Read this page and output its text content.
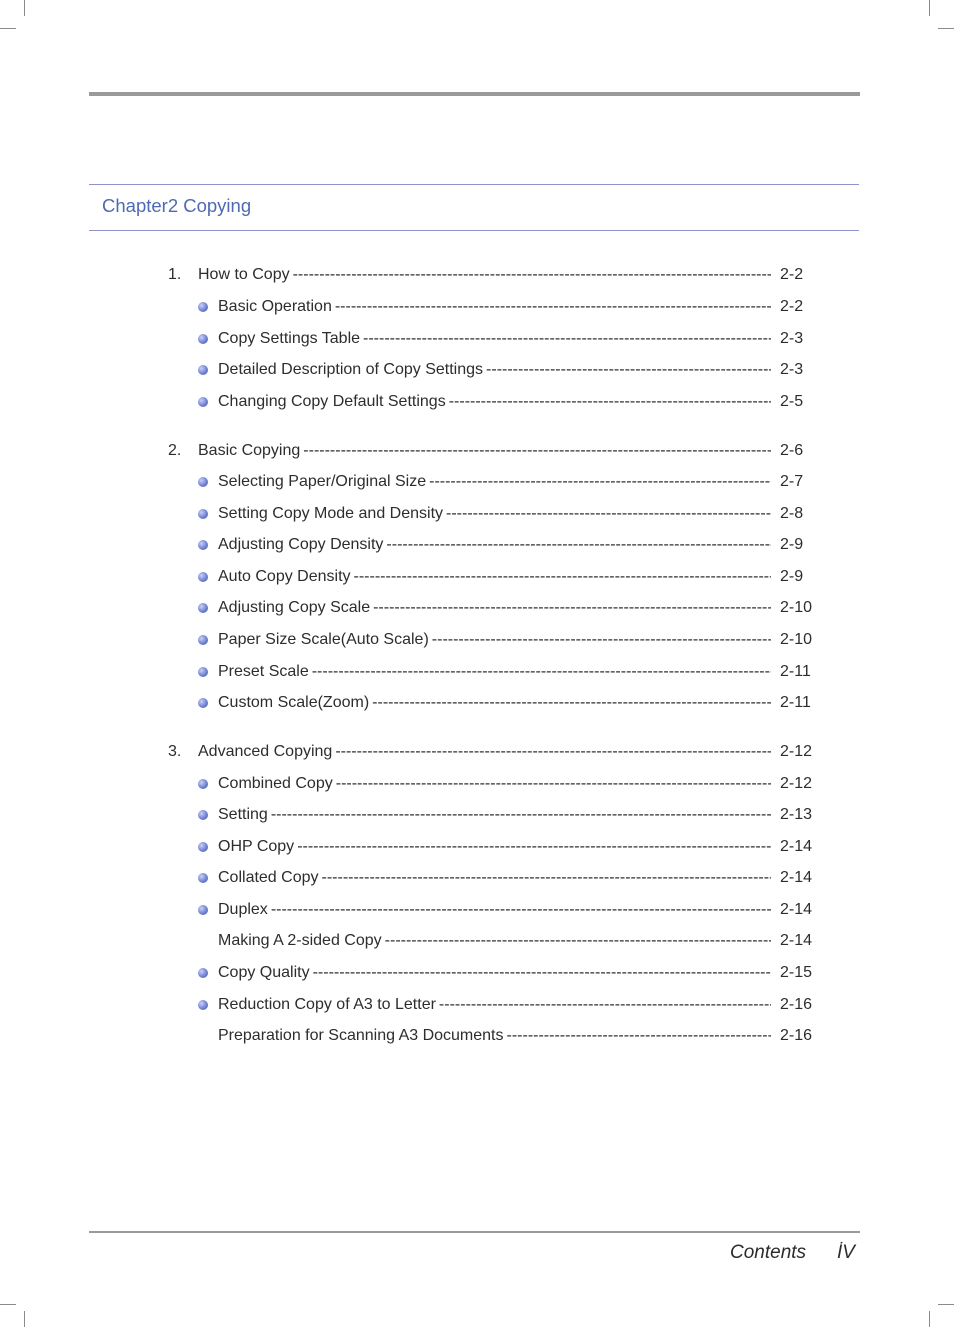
Chapter2 Copying
1. How to Copy -----	2-2
Basic Operation -----	2-2
Copy Settings Table -----	2-3
Detailed Description of Copy Settings -----	2-3
Changing Copy Default Settings -----	2-5
2. Basic Copying -----	2-6
Selecting Paper/Original Size -----	2-7
Setting Copy Mode and Density -----	2-8
Adjusting Copy Density -----	2-9
Auto Copy Density -----	2-9
Adjusting Copy Scale -----	2-10
Paper Size Scale(Auto Scale) -----	2-10
Preset Scale -----	2-11
Custom Scale(Zoom) -----	2-11
3. Advanced Copying -----	2-12
Combined Copy -----	2-12
Setting -----	2-13
OHP Copy -----	2-14
Collated Copy -----	2-14
Duplex -----	2-14
Making A 2-sided Copy -----	2-14
Copy Quality -----	2-15
Reduction Copy of A3 to Letter -----	2-16
Preparation for Scanning A3 Documents -----	2-16
Contents İV
